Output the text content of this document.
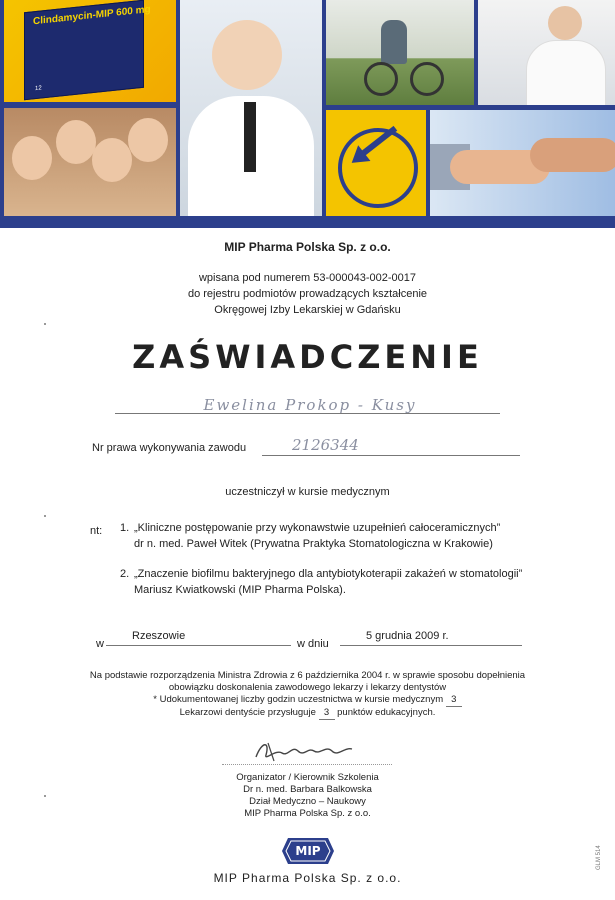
Clindamycin-MIP 600 mg
12
MIP Pharma Polska Sp. z o.o.
wpisana pod numerem 53-000043-002-0017
do rejestru podmiotów prowadzących kształcenie
Okręgowej Izby Lekarskiej w Gdańsku
ZAŚWIADCZENIE
Ewelina Prokop - Kusy
Nr prawa wykonywania zawodu	2126344
uczestniczył w kursie medycznym
nt: 1. „Kliniczne postępowanie przy wykonawstwie uzupełnień całoceramicznych”
dr n. med. Paweł Witek (Prywatna Praktyka Stomatologiczna w Krakowie)
2. „Znaczenie biofilmu bakteryjnego dla antybiotykoterapii zakażeń w stomatologii”
Mariusz Kwiatkowski (MIP Pharma Polska).
w
Rzeszowie
w dniu
5 grudnia 2009 r.
Na podstawie rozporządzenia Ministra Zdrowia z 6 października 2004 r. w sprawie sposobu dopełnienia
obowiązku doskonalenia zawodowego lekarzy i lekarzy dentystów
* Udokumentowanej liczby godzin uczestnictwa w kursie medycznym 3
Lekarzowi dentyście przysługuje 3 punktów edukacyjnych.
Organizator / Kierownik Szkolenia
Dr n. med. Barbara Balkowska
Dział Medyczno – Naukowy
MIP Pharma Polska Sp. z o.o.
MIP
MIP Pharma Polska Sp. z o.o.
GLM 514
